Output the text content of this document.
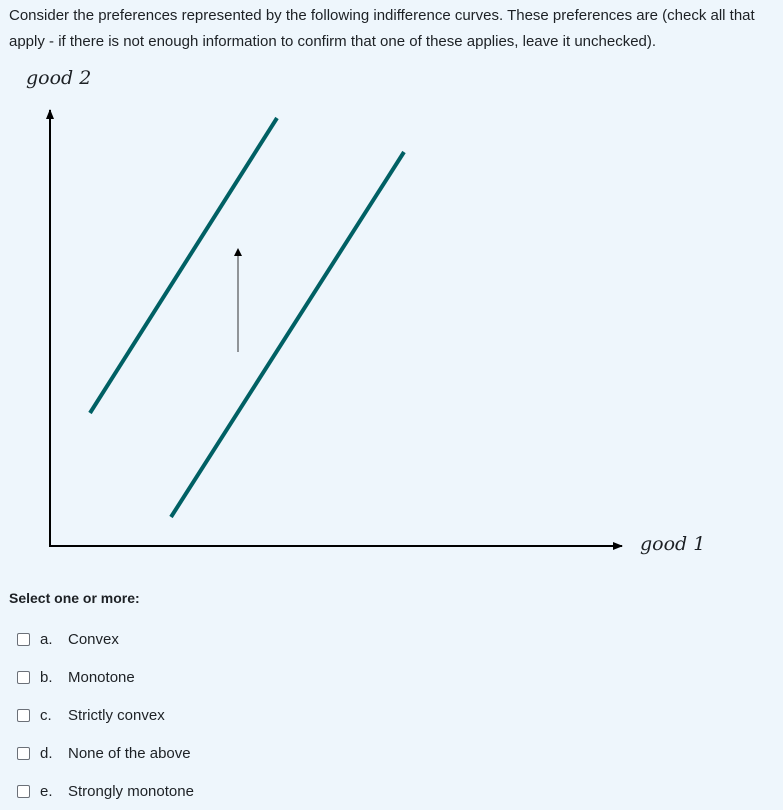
Consider the preferences represented by the following indifference curves. These preferences are (check all that apply - if there is not enough information to confirm that one of these applies, leave it unchecked).

good 2
good 1

Select one or more:

a.	Convex
b.	Monotone
c.	Strictly convex
d.	None of the above
e.	Strongly monotone
